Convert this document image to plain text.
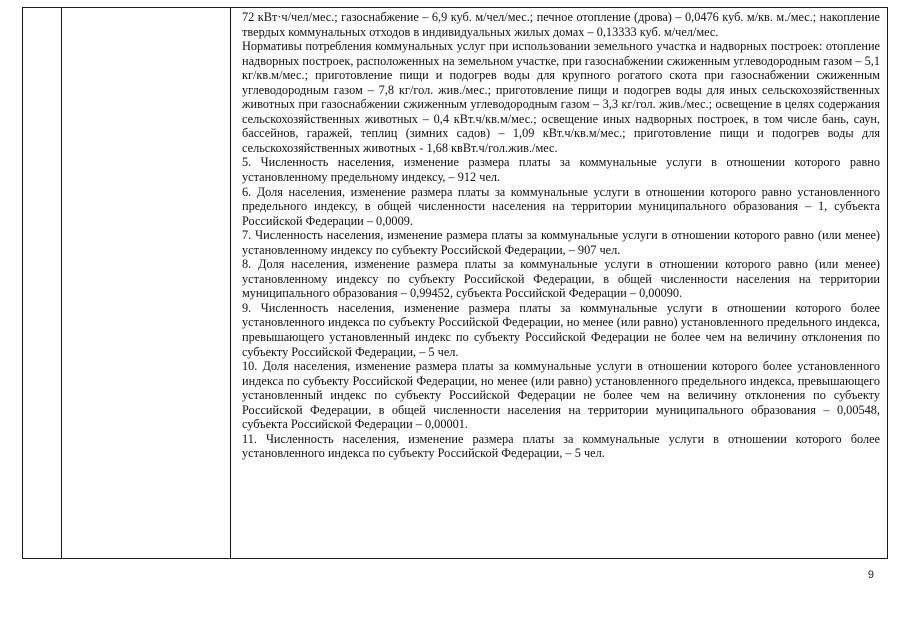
72 кВт·ч/чел/мес.; газоснабжение – 6,9 куб. м/чел/мес.; печное отопление (дрова) – 0,0476 куб. м/кв. м./мес.; накопление твердых коммунальных отходов в индивидуальных жилых домах – 0,13333 куб. м/чел/мес.

Нормативы потребления коммунальных услуг при использовании земельного участка и надворных построек: отопление надворных построек, расположенных на земельном участке, при газоснабжении сжиженным углеводородным газом – 5,1 кг/кв.м/мес.; приготовление пищи и подогрев воды для крупного рогатого скота при газоснабжении сжиженным углеводородным газом – 7,8 кг/гол. жив./мес.; приготовление пищи и подогрев воды для иных сельскохозяйственных животных при газоснабжении сжиженным углеводородным газом – 3,3 кг/гол. жив./мес.; освещение в целях содержания сельскохозяйственных животных – 0,4 кВт.ч/кв.м/мес.; освещение иных надворных построек, в том числе бань, саун, бассейнов, гаражей, теплиц (зимних садов) – 1,09 кВт.ч/кв.м/мес.; приготовление пищи и подогрев воды для сельскохозяйственных животных - 1,68 квВт.ч/гол.жив./мес.

5. Численность населения, изменение размера платы за коммунальные услуги в отношении которого равно установленному предельному индексу, – 912 чел.

6. Доля населения, изменение размера платы за коммунальные услуги в отношении которого равно установленного предельного индексу, в общей численности населения на территории муниципального образования – 1, субъекта Российской Федерации – 0,0009.

7. Численность населения, изменение размера платы за коммунальные услуги в отношении которого равно (или менее) установленному индексу по субъекту Российской Федерации, – 907 чел.

8. Доля населения, изменение размера платы за коммунальные услуги в отношении которого равно (или менее) установленному индексу по субъекту Российской Федерации, в общей численности населения на территории муниципального образования – 0,99452, субъекта Российской Федерации – 0,00090.

9. Численность населения, изменение размера платы за коммунальные услуги в отношении которого более установленного индекса по субъекту Российской Федерации, но менее (или равно) установленного предельного индекса, превышающего установленный индекс по субъекту Российской Федерации не более чем на величину отклонения по субъекту Российской Федерации, – 5 чел.

10. Доля населения, изменение размера платы за коммунальные услуги в отношении которого более установленного индекса по субъекту Российской Федерации, но менее (или равно) установленного предельного индекса, превышающего установленный индекс по субъекту Российской Федерации не более чем на величину отклонения по субъекту Российской Федерации, в общей численности населения на территории муниципального образования – 0,00548, субъекта Российской Федерации – 0,00001.

11. Численность населения, изменение размера платы за коммунальные услуги в отношении которого более установленного индекса по субъекту Российской Федерации, – 5 чел.

9
